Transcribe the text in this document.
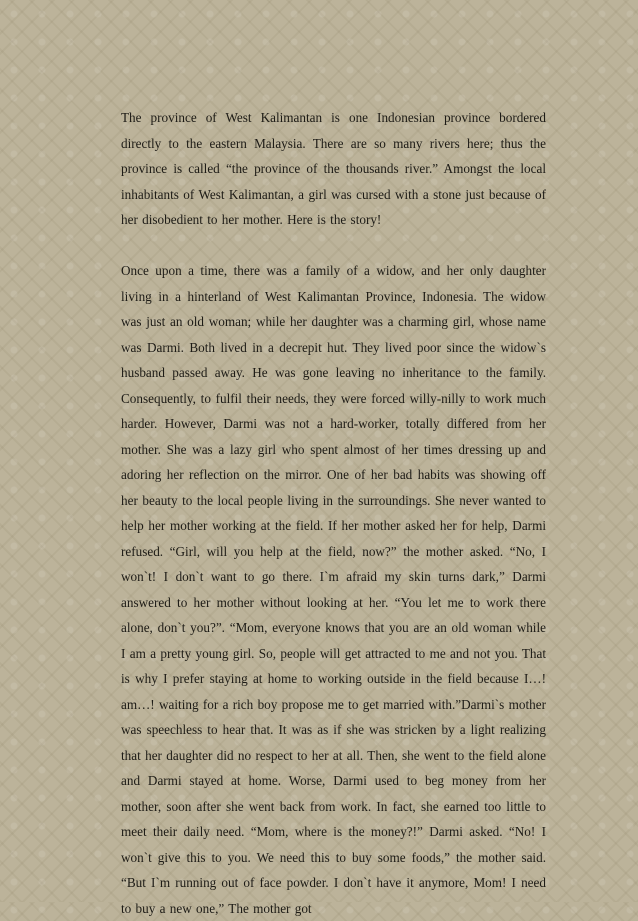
The province of West Kalimantan is one Indonesian province bordered directly to the eastern Malaysia. There are so many rivers here; thus the province is called “the province of the thousands river.” Amongst the local inhabitants of West Kalimantan, a girl was cursed with a stone just because of her disobedient to her mother. Here is the story!

Once upon a time, there was a family of a widow, and her only daughter living in a hinterland of West Kalimantan Province, Indonesia. The widow was just an old woman; while her daughter was a charming girl, whose name was Darmi. Both lived in a decrepit hut. They lived poor since the widow`s husband passed away. He was gone leaving no inheritance to the family. Consequently, to fulfil their needs, they were forced willy-nilly to work much harder. However, Darmi was not a hard-worker, totally differed from her mother. She was a lazy girl who spent almost of her times dressing up and adoring her reflection on the mirror. One of her bad habits was showing off her beauty to the local people living in the surroundings. She never wanted to help her mother working at the field. If her mother asked her for help, Darmi refused. “Girl, will you help at the field, now?” the mother asked. “No, I won`t! I don`t want to go there. I`m afraid my skin turns dark,” Darmi answered to her mother without looking at her. “You let me to work there alone, don`t you?”. “Mom, everyone knows that you are an old woman while I am a pretty young girl. So, people will get attracted to me and not you. That is why I prefer staying at home to working outside in the field because I…! am…! waiting for a rich boy propose me to get married with.”Darmi`s mother was speechless to hear that. It was as if she was stricken by a light realizing that her daughter did no respect to her at all. Then, she went to the field alone and Darmi stayed at home. Worse, Darmi used to beg money from her mother, soon after she went back from work. In fact, she earned too little to meet their daily need. “Mom, where is the money?!” Darmi asked. “No! I won`t give this to you. We need this to buy some foods,” the mother said. “But I`m running out of face powder. I don`t have it anymore, Mom! I need to buy a new one,” The mother got
